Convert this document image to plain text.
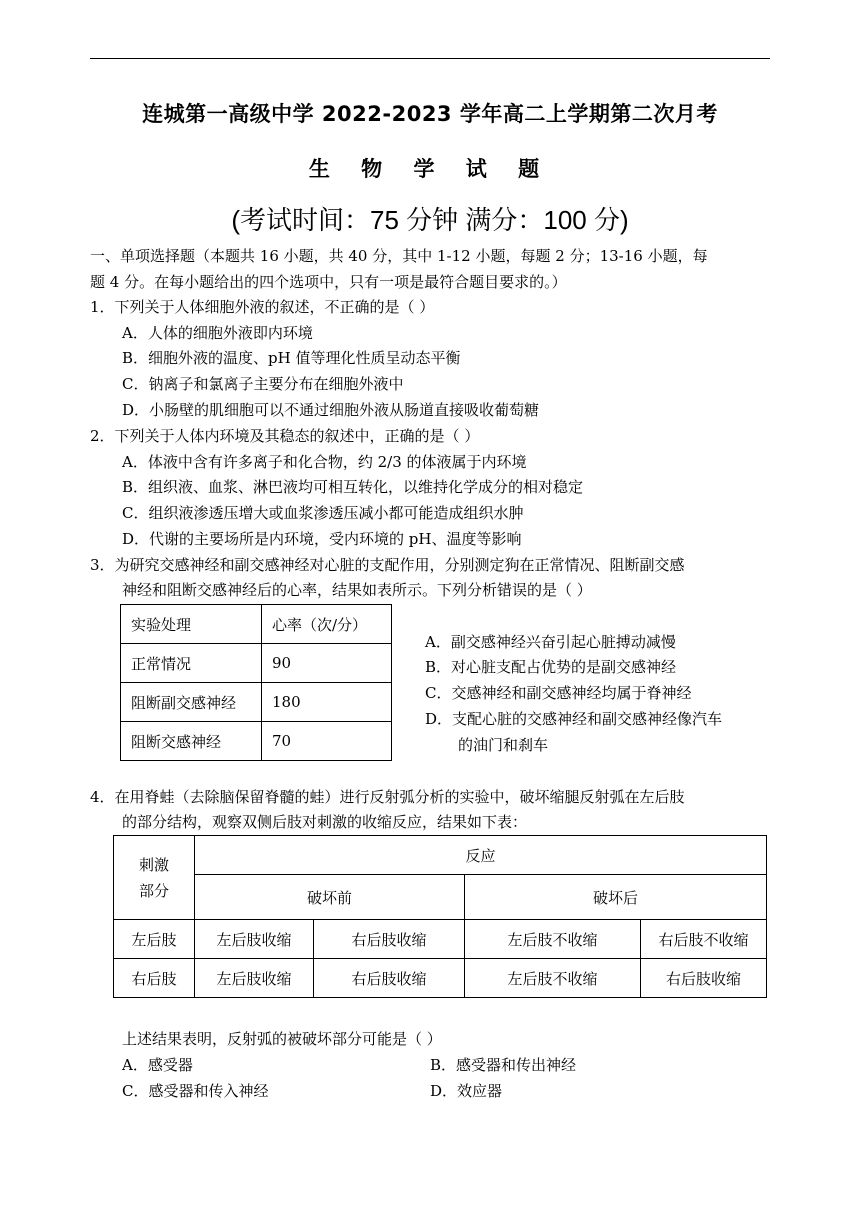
连城第一高级中学 2022-2023 学年高二上学期第二次月考
生 物 学 试 题
(考试时间：75 分钟 满分：100 分)
一、单项选择题（本题共 16 小题，共 40 分，其中 1-12 小题，每题 2 分；13-16 小题，每
题 4 分。在每小题给出的四个选项中，只有一项是最符合题目要求的。）
1．下列关于人体细胞外液的叙述，不正确的是（ ）
A．人体的细胞外液即内环境
B．细胞外液的温度、pH 值等理化性质呈动态平衡
C．钠离子和氯离子主要分布在细胞外液中
D．小肠壁的肌细胞可以不通过细胞外液从肠道直接吸收葡萄糖
2．下列关于人体内环境及其稳态的叙述中，正确的是（ ）
A．体液中含有许多离子和化合物，约 2/3 的体液属于内环境
B．组织液、血浆、淋巴液均可相互转化，以维持化学成分的相对稳定
C．组织液渗透压增大或血浆渗透压减小都可能造成组织水肿
D．代谢的主要场所是内环境，受内环境的 pH、温度等影响
3．为研究交感神经和副交感神经对心脏的支配作用，分别测定狗在正常情况、阻断副交感
神经和阻断交感神经后的心率，结果如表所示。下列分析错误的是（ ）
实验处理	心率（次/分）
正常情况	90
阻断副交感神经	180
阻断交感神经	70
A．副交感神经兴奋引起心脏搏动减慢
B．对心脏支配占优势的是副交感神经
C．交感神经和副交感神经均属于脊神经
D．支配心脏的交感神经和副交感神经像汽车
的油门和刹车
4．在用脊蛙（去除脑保留脊髓的蛙）进行反射弧分析的实验中，破坏缩腿反射弧在左后肢
的部分结构，观察双侧后肢对刺激的收缩反应，结果如下表：
刺激
部分	反应			
	破坏前		破坏后	
左后肢	左后肢收缩	右后肢收缩	左后肢不收缩	右后肢不收缩
右后肢	左后肢收缩	右后肢收缩	左后肢不收缩	右后肢收缩
上述结果表明，反射弧的被破坏部分可能是（ ）
A．感受器	B．感受器和传出神经
C．感受器和传入神经	D．效应器
